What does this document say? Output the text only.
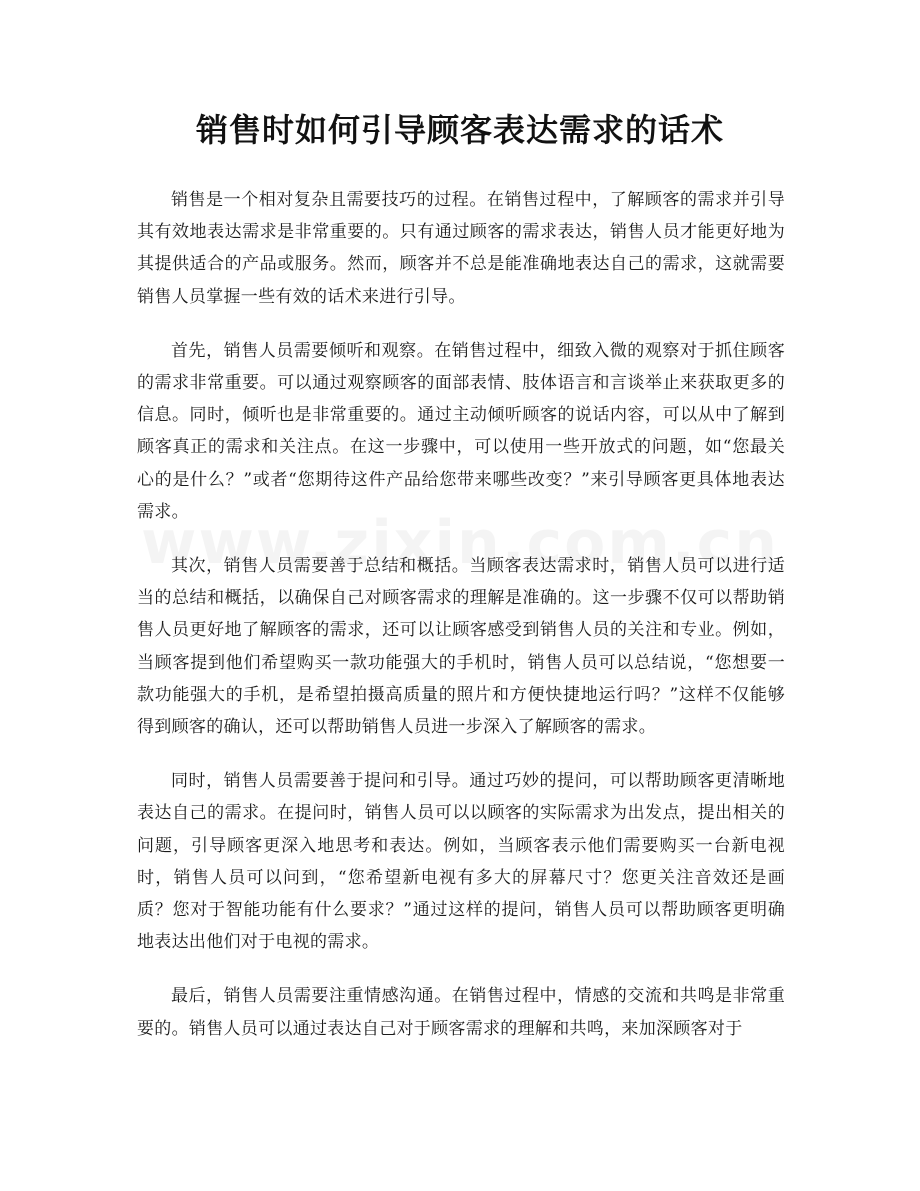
销售时如何引导顾客表达需求的话术

销售是一个相对复杂且需要技巧的过程。在销售过程中，了解顾客的需求并引导其有效地表达需求是非常重要的。只有通过顾客的需求表达，销售人员才能更好地为其提供适合的产品或服务。然而，顾客并不总是能准确地表达自己的需求，这就需要销售人员掌握一些有效的话术来进行引导。

首先，销售人员需要倾听和观察。在销售过程中，细致入微的观察对于抓住顾客的需求非常重要。可以通过观察顾客的面部表情、肢体语言和言谈举止来获取更多的信息。同时，倾听也是非常重要的。通过主动倾听顾客的说话内容，可以从中了解到顾客真正的需求和关注点。在这一步骤中，可以使用一些开放式的问题，如“您最关心的是什么？”或者“您期待这件产品给您带来哪些改变？”来引导顾客更具体地表达需求。

其次，销售人员需要善于总结和概括。当顾客表达需求时，销售人员可以进行适当的总结和概括，以确保自己对顾客需求的理解是准确的。这一步骤不仅可以帮助销售人员更好地了解顾客的需求，还可以让顾客感受到销售人员的关注和专业。例如，当顾客提到他们希望购买一款功能强大的手机时，销售人员可以总结说，“您想要一款功能强大的手机，是希望拍摄高质量的照片和方便快捷地运行吗？”这样不仅能够得到顾客的确认，还可以帮助销售人员进一步深入了解顾客的需求。

同时，销售人员需要善于提问和引导。通过巧妙的提问，可以帮助顾客更清晰地表达自己的需求。在提问时，销售人员可以以顾客的实际需求为出发点，提出相关的问题，引导顾客更深入地思考和表达。例如，当顾客表示他们需要购买一台新电视时，销售人员可以问到，“您希望新电视有多大的屏幕尺寸？您更关注音效还是画质？您对于智能功能有什么要求？”通过这样的提问，销售人员可以帮助顾客更明确地表达出他们对于电视的需求。

最后，销售人员需要注重情感沟通。在销售过程中，情感的交流和共鸣是非常重要的。销售人员可以通过表达自己对于顾客需求的理解和共鸣，来加深顾客对于
